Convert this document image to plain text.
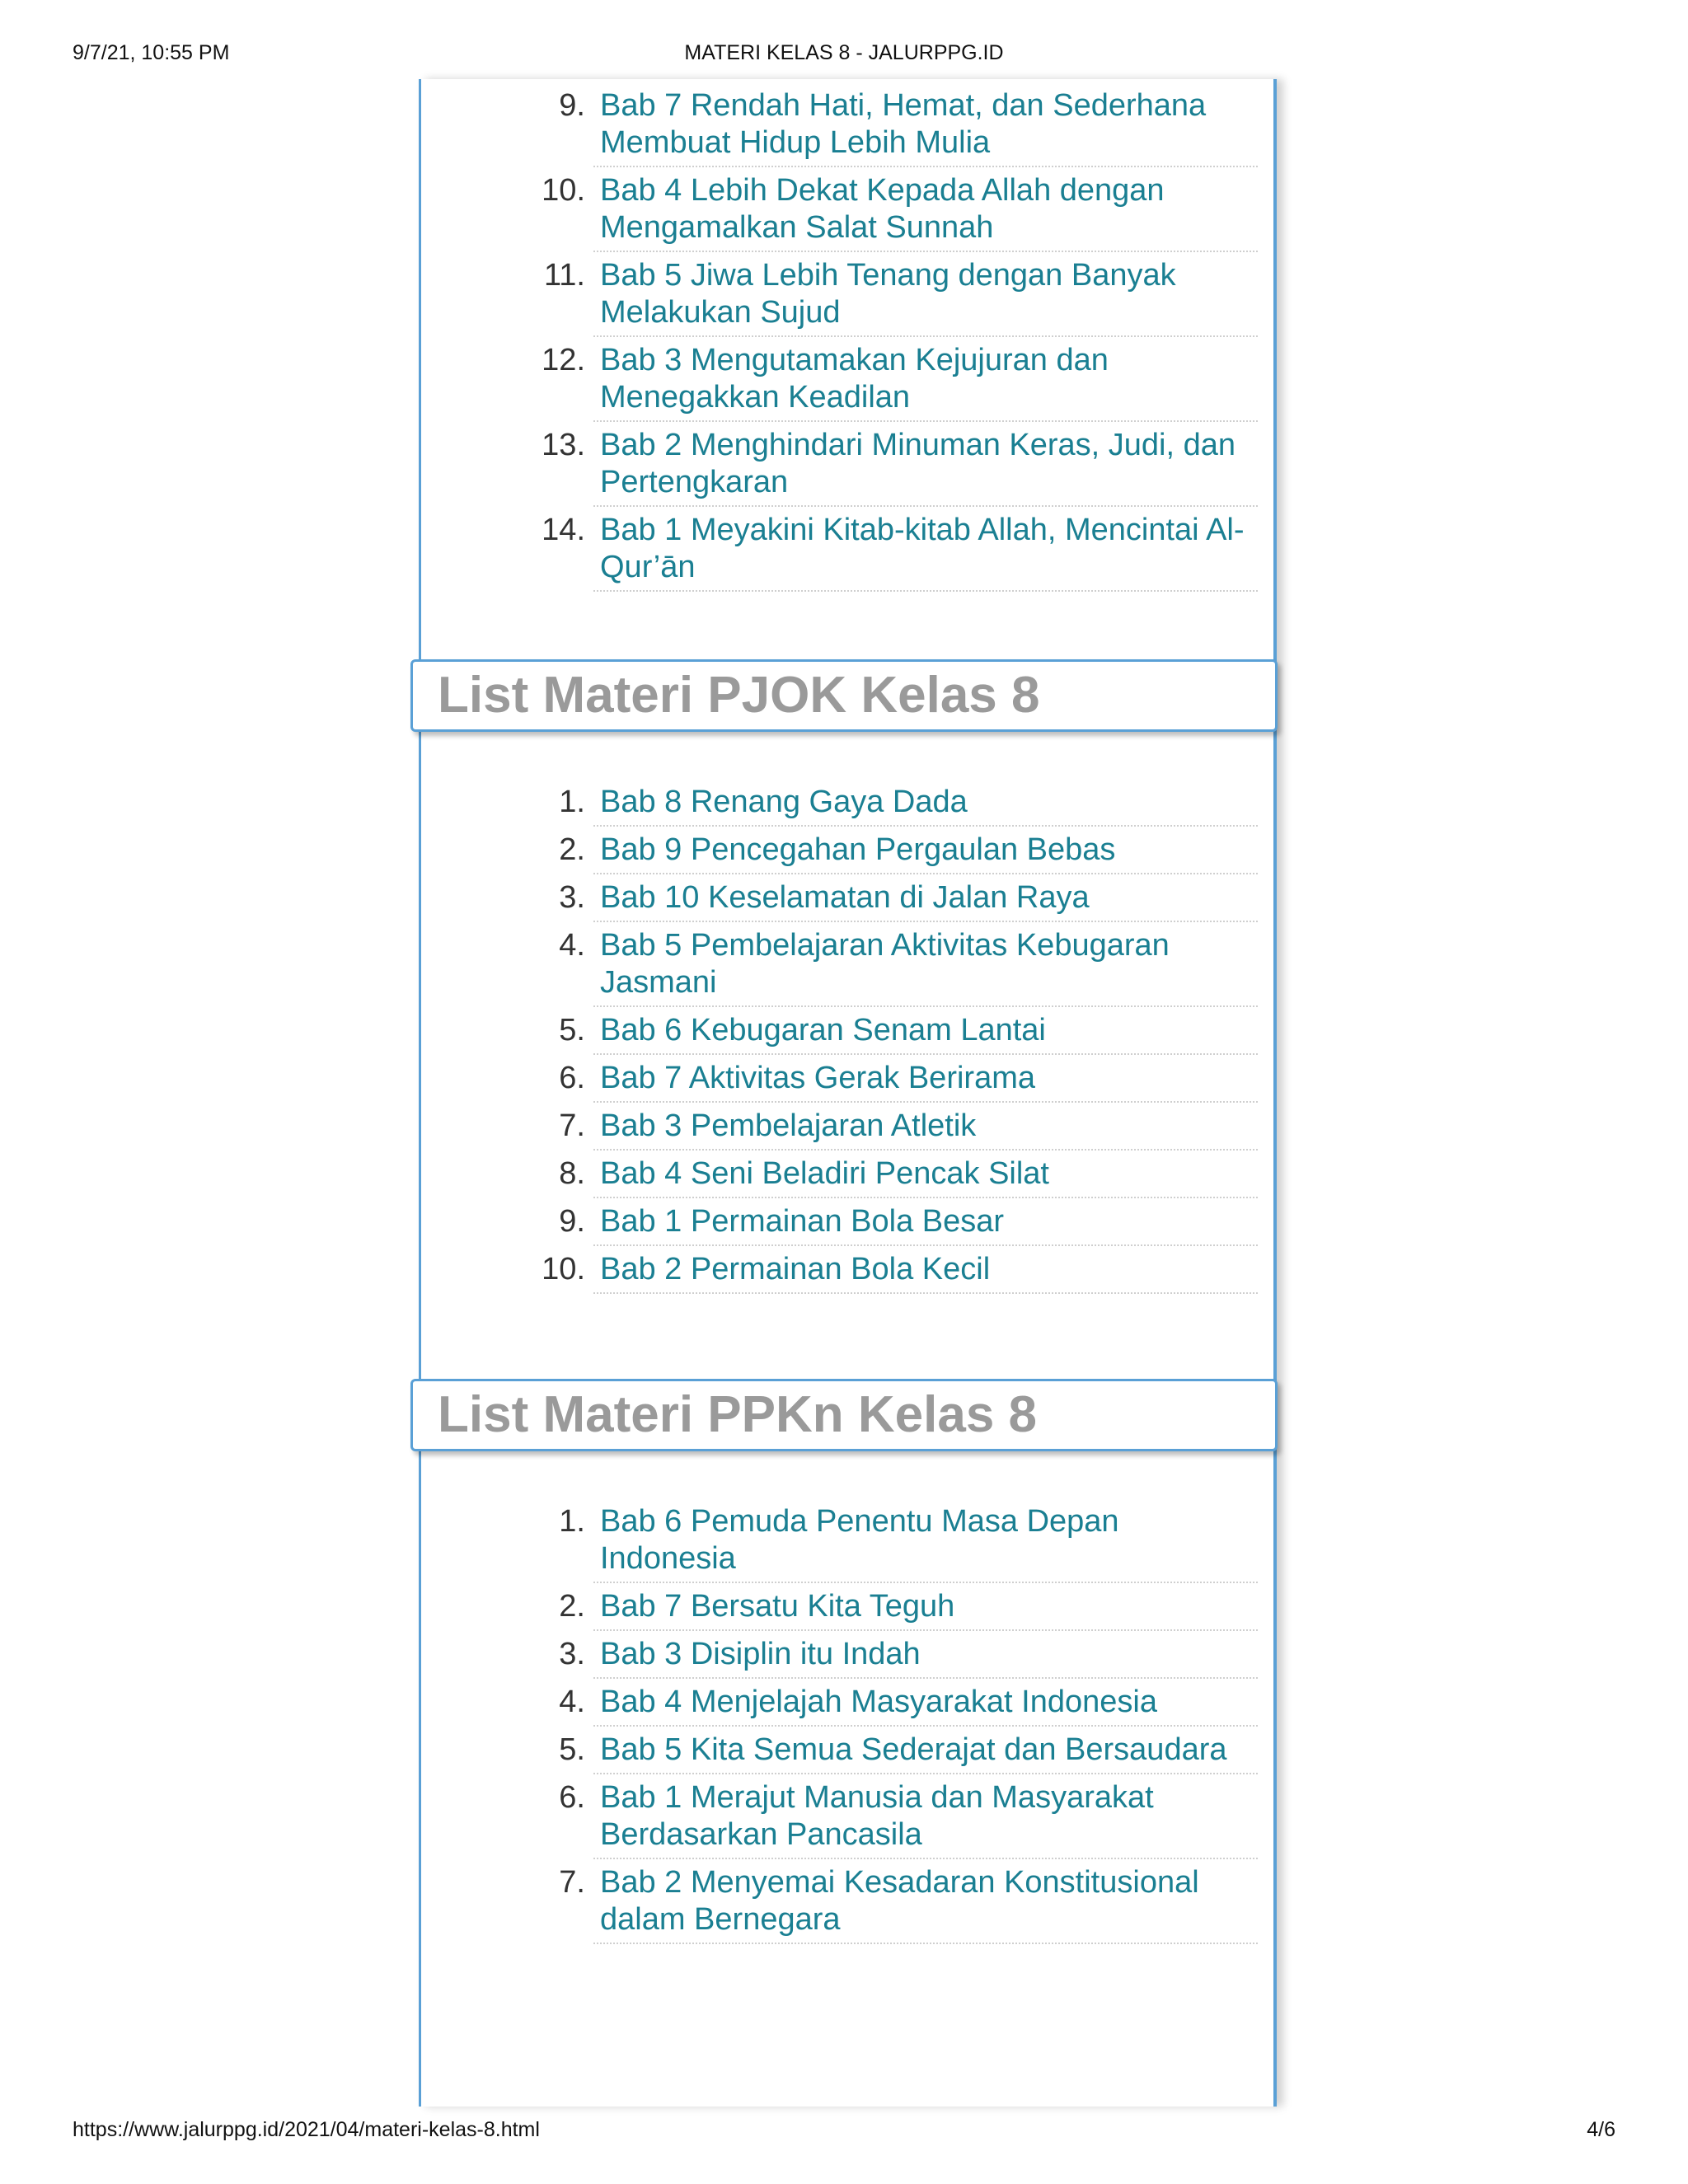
9/7/21, 10:55 PM	MATERI KELAS 8 - JALURPPG.ID
9. Bab 7 Rendah Hati, Hemat, dan Sederhana Membuat Hidup Lebih Mulia
10. Bab 4 Lebih Dekat Kepada Allah dengan Mengamalkan Salat Sunnah
11. Bab 5 Jiwa Lebih Tenang dengan Banyak Melakukan Sujud
12. Bab 3 Mengutamakan Kejujuran dan Menegakkan Keadilan
13. Bab 2 Menghindari Minuman Keras, Judi, dan Pertengkaran
14. Bab 1 Meyakini Kitab-kitab Allah, Mencintai Al-Qur’ān
List Materi PJOK Kelas 8
1. Bab 8 Renang Gaya Dada
2. Bab 9 Pencegahan Pergaulan Bebas
3. Bab 10 Keselamatan di Jalan Raya
4. Bab 5 Pembelajaran Aktivitas Kebugaran Jasmani
5. Bab 6 Kebugaran Senam Lantai
6. Bab 7 Aktivitas Gerak Berirama
7. Bab 3 Pembelajaran Atletik
8. Bab 4 Seni Beladiri Pencak Silat
9. Bab 1 Permainan Bola Besar
10. Bab 2 Permainan Bola Kecil
List Materi PPKn Kelas 8
1. Bab 6 Pemuda Penentu Masa Depan Indonesia
2. Bab 7 Bersatu Kita Teguh
3. Bab 3 Disiplin itu Indah
4. Bab 4 Menjelajah Masyarakat Indonesia
5. Bab 5 Kita Semua Sederajat dan Bersaudara
6. Bab 1 Merajut Manusia dan Masyarakat Berdasarkan Pancasila
7. Bab 2 Menyemai Kesadaran Konstitusional dalam Bernegara
https://www.jalurppg.id/2021/04/materi-kelas-8.html	4/6
